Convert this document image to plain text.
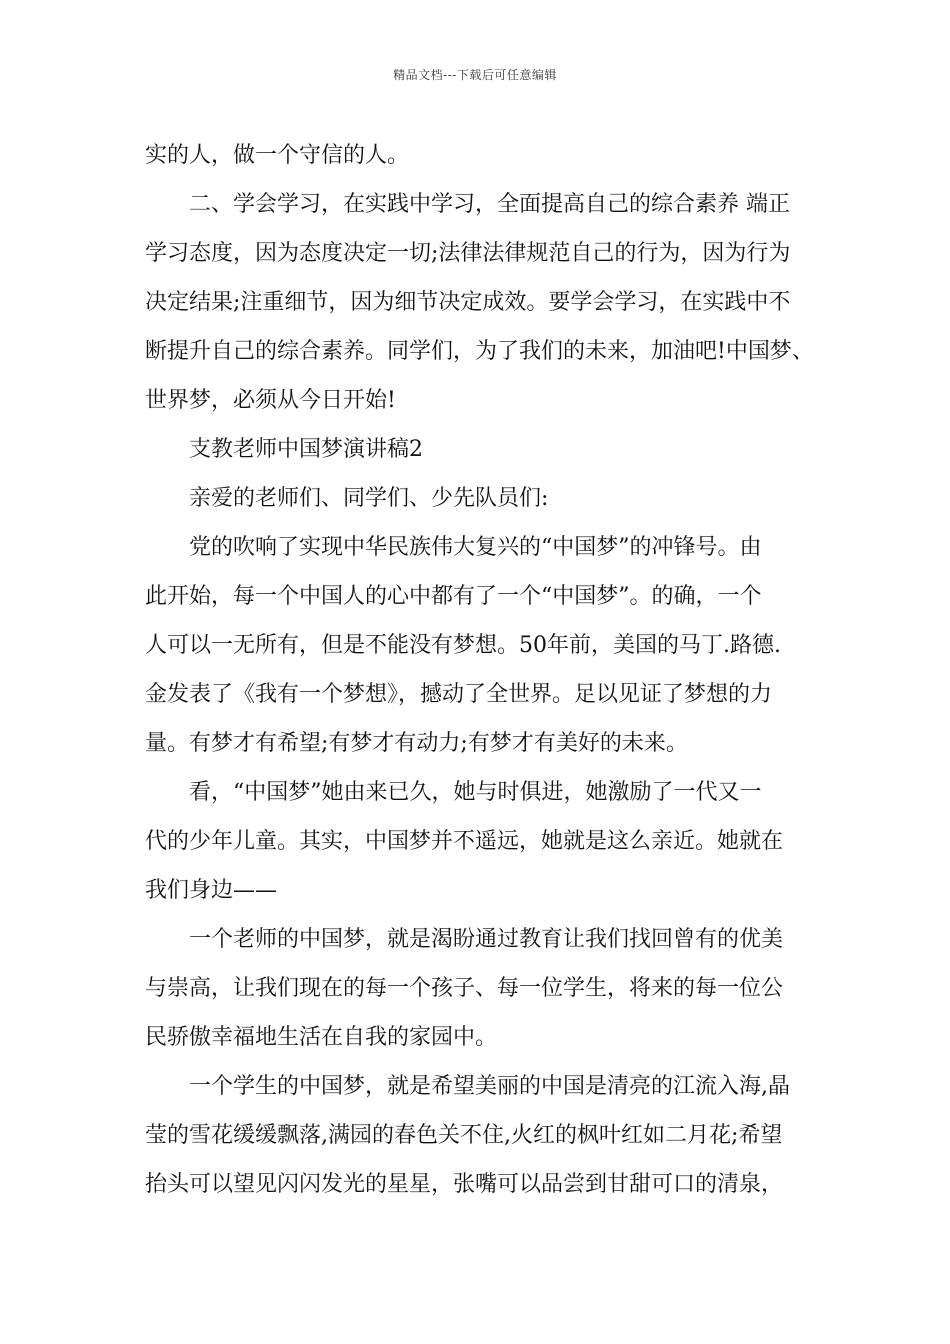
精品文档---下载后可任意编辑
实的人，做一个守信的人。
二、学会学习，在实践中学习，全面提高自己的综合素养 端正
学习态度，因为态度决定一切;法律法律规范自己的行为，因为行为
决定结果;注重细节，因为细节决定成效。要学会学习，在实践中不
断提升自己的综合素养。同学们，为了我们的未来，加油吧!中国梦、
世界梦，必须从今日开始!
支教老师中国梦演讲稿2
亲爱的老师们、同学们、少先队员们:
党的吹响了实现中华民族伟大复兴的“中国梦”的冲锋号。由
此开始，每一个中国人的心中都有了一个“中国梦”。的确，一个
人可以一无所有，但是不能没有梦想。50年前，美国的马丁.路德.
金发表了《我有一个梦想》，撼动了全世界。足以见证了梦想的力
量。有梦才有希望;有梦才有动力;有梦才有美好的未来。
看，“中国梦”她由来已久，她与时俱进，她激励了一代又一
代的少年儿童。其实，中国梦并不遥远，她就是这么亲近。她就在
我们身边——
一个老师的中国梦，就是渴盼通过教育让我们找回曾有的优美
与崇高，让我们现在的每一个孩子、每一位学生，将来的每一位公
民骄傲幸福地生活在自我的家园中。
一个学生的中国梦，就是希望美丽的中国是清亮的江流入海,晶
莹的雪花缓缓飘落,满园的春色关不住,火红的枫叶红如二月花;希望
抬头可以望见闪闪发光的星星，张嘴可以品尝到甘甜可口的清泉，
